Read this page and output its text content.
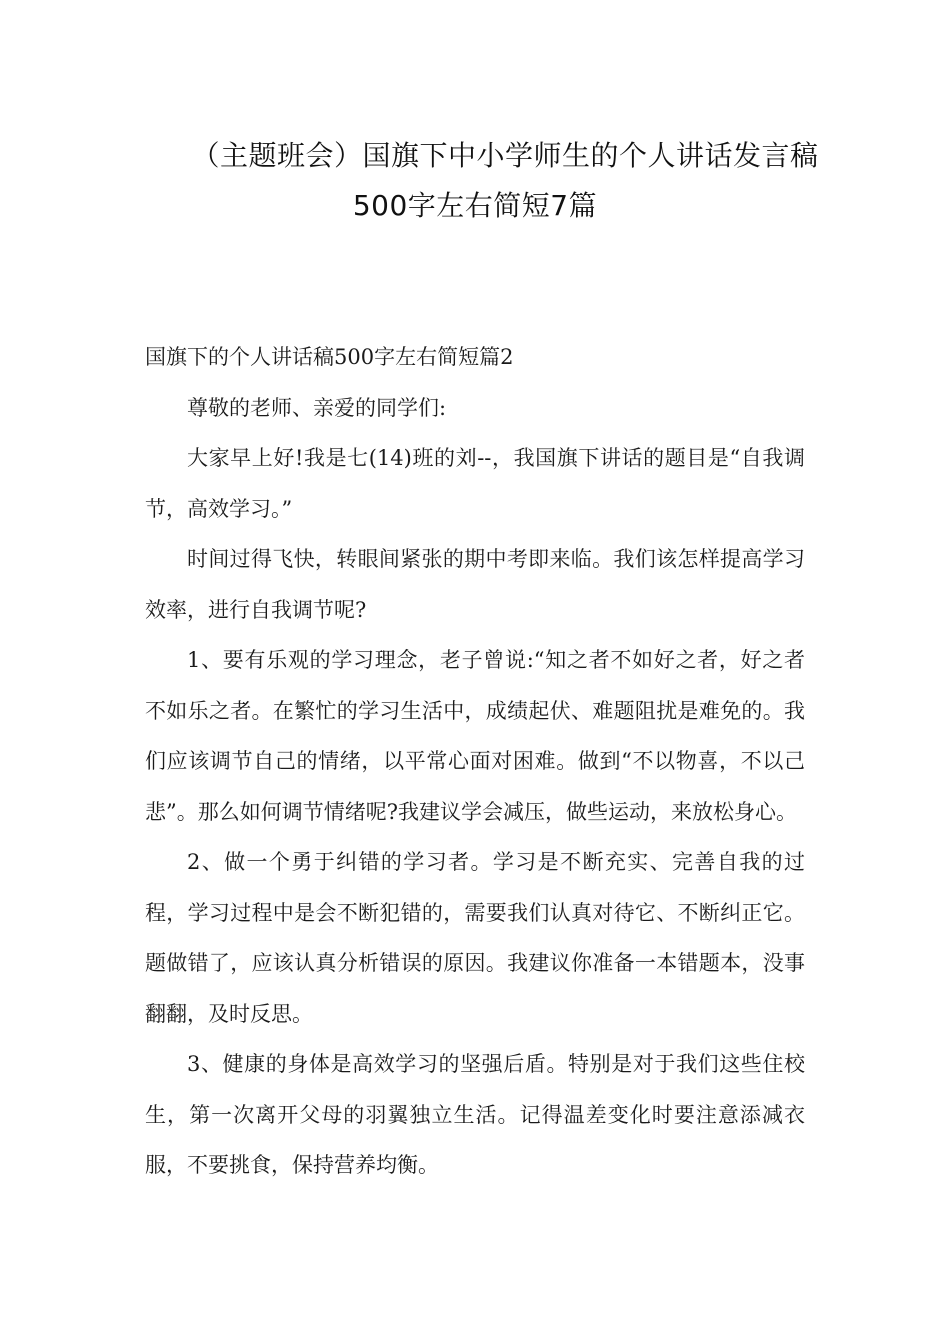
（主题班会）国旗下中小学师生的个人讲话发言稿
500字左右简短7篇

国旗下的个人讲话稿500字左右简短篇2

尊敬的老师、亲爱的同学们:

大家早上好!我是七(14)班的刘--，我国旗下讲话的题目是“自我调节，高效学习。”

时间过得飞快，转眼间紧张的期中考即来临。我们该怎样提高学习效率，进行自我调节呢?

1、要有乐观的学习理念，老子曾说:“知之者不如好之者，好之者不如乐之者。在繁忙的学习生活中，成绩起伏、难题阻扰是难免的。我们应该调节自己的情绪，以平常心面对困难。做到“不以物喜，不以己悲”。那么如何调节情绪呢?我建议学会减压，做些运动，来放松身心。

2、做一个勇于纠错的学习者。学习是不断充实、完善自我的过程，学习过程中是会不断犯错的，需要我们认真对待它、不断纠正它。题做错了，应该认真分析错误的原因。我建议你准备一本错题本，没事翻翻，及时反思。

3、健康的身体是高效学习的坚强后盾。特别是对于我们这些住校生，第一次离开父母的羽翼独立生活。记得温差变化时要注意添减衣服，不要挑食，保持营养均衡。
